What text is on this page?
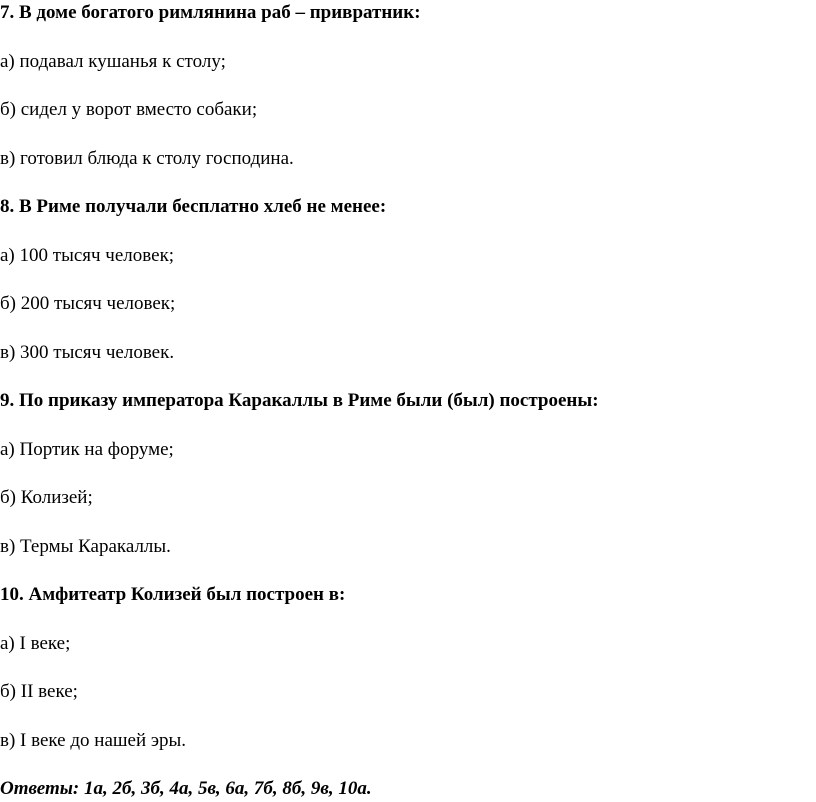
7. В доме богатого римлянина раб – привратник:
а) подавал кушанья к столу;
б) сидел у ворот вместо собаки;
в) готовил блюда к столу господина.
8. В Риме получали бесплатно хлеб не менее:
а) 100 тысяч человек;
б) 200 тысяч человек;
в) 300 тысяч человек.
9. По приказу императора Каракаллы в Риме были (был) построены:
а) Портик на форуме;
б) Колизей;
в) Термы Каракаллы.
10. Амфитеатр Колизей был построен в:
а) I веке;
б) II веке;
в) I веке до нашей эры.
Ответы: 1а, 2б, 3б, 4а, 5в, 6а, 7б, 8б, 9в, 10а.
